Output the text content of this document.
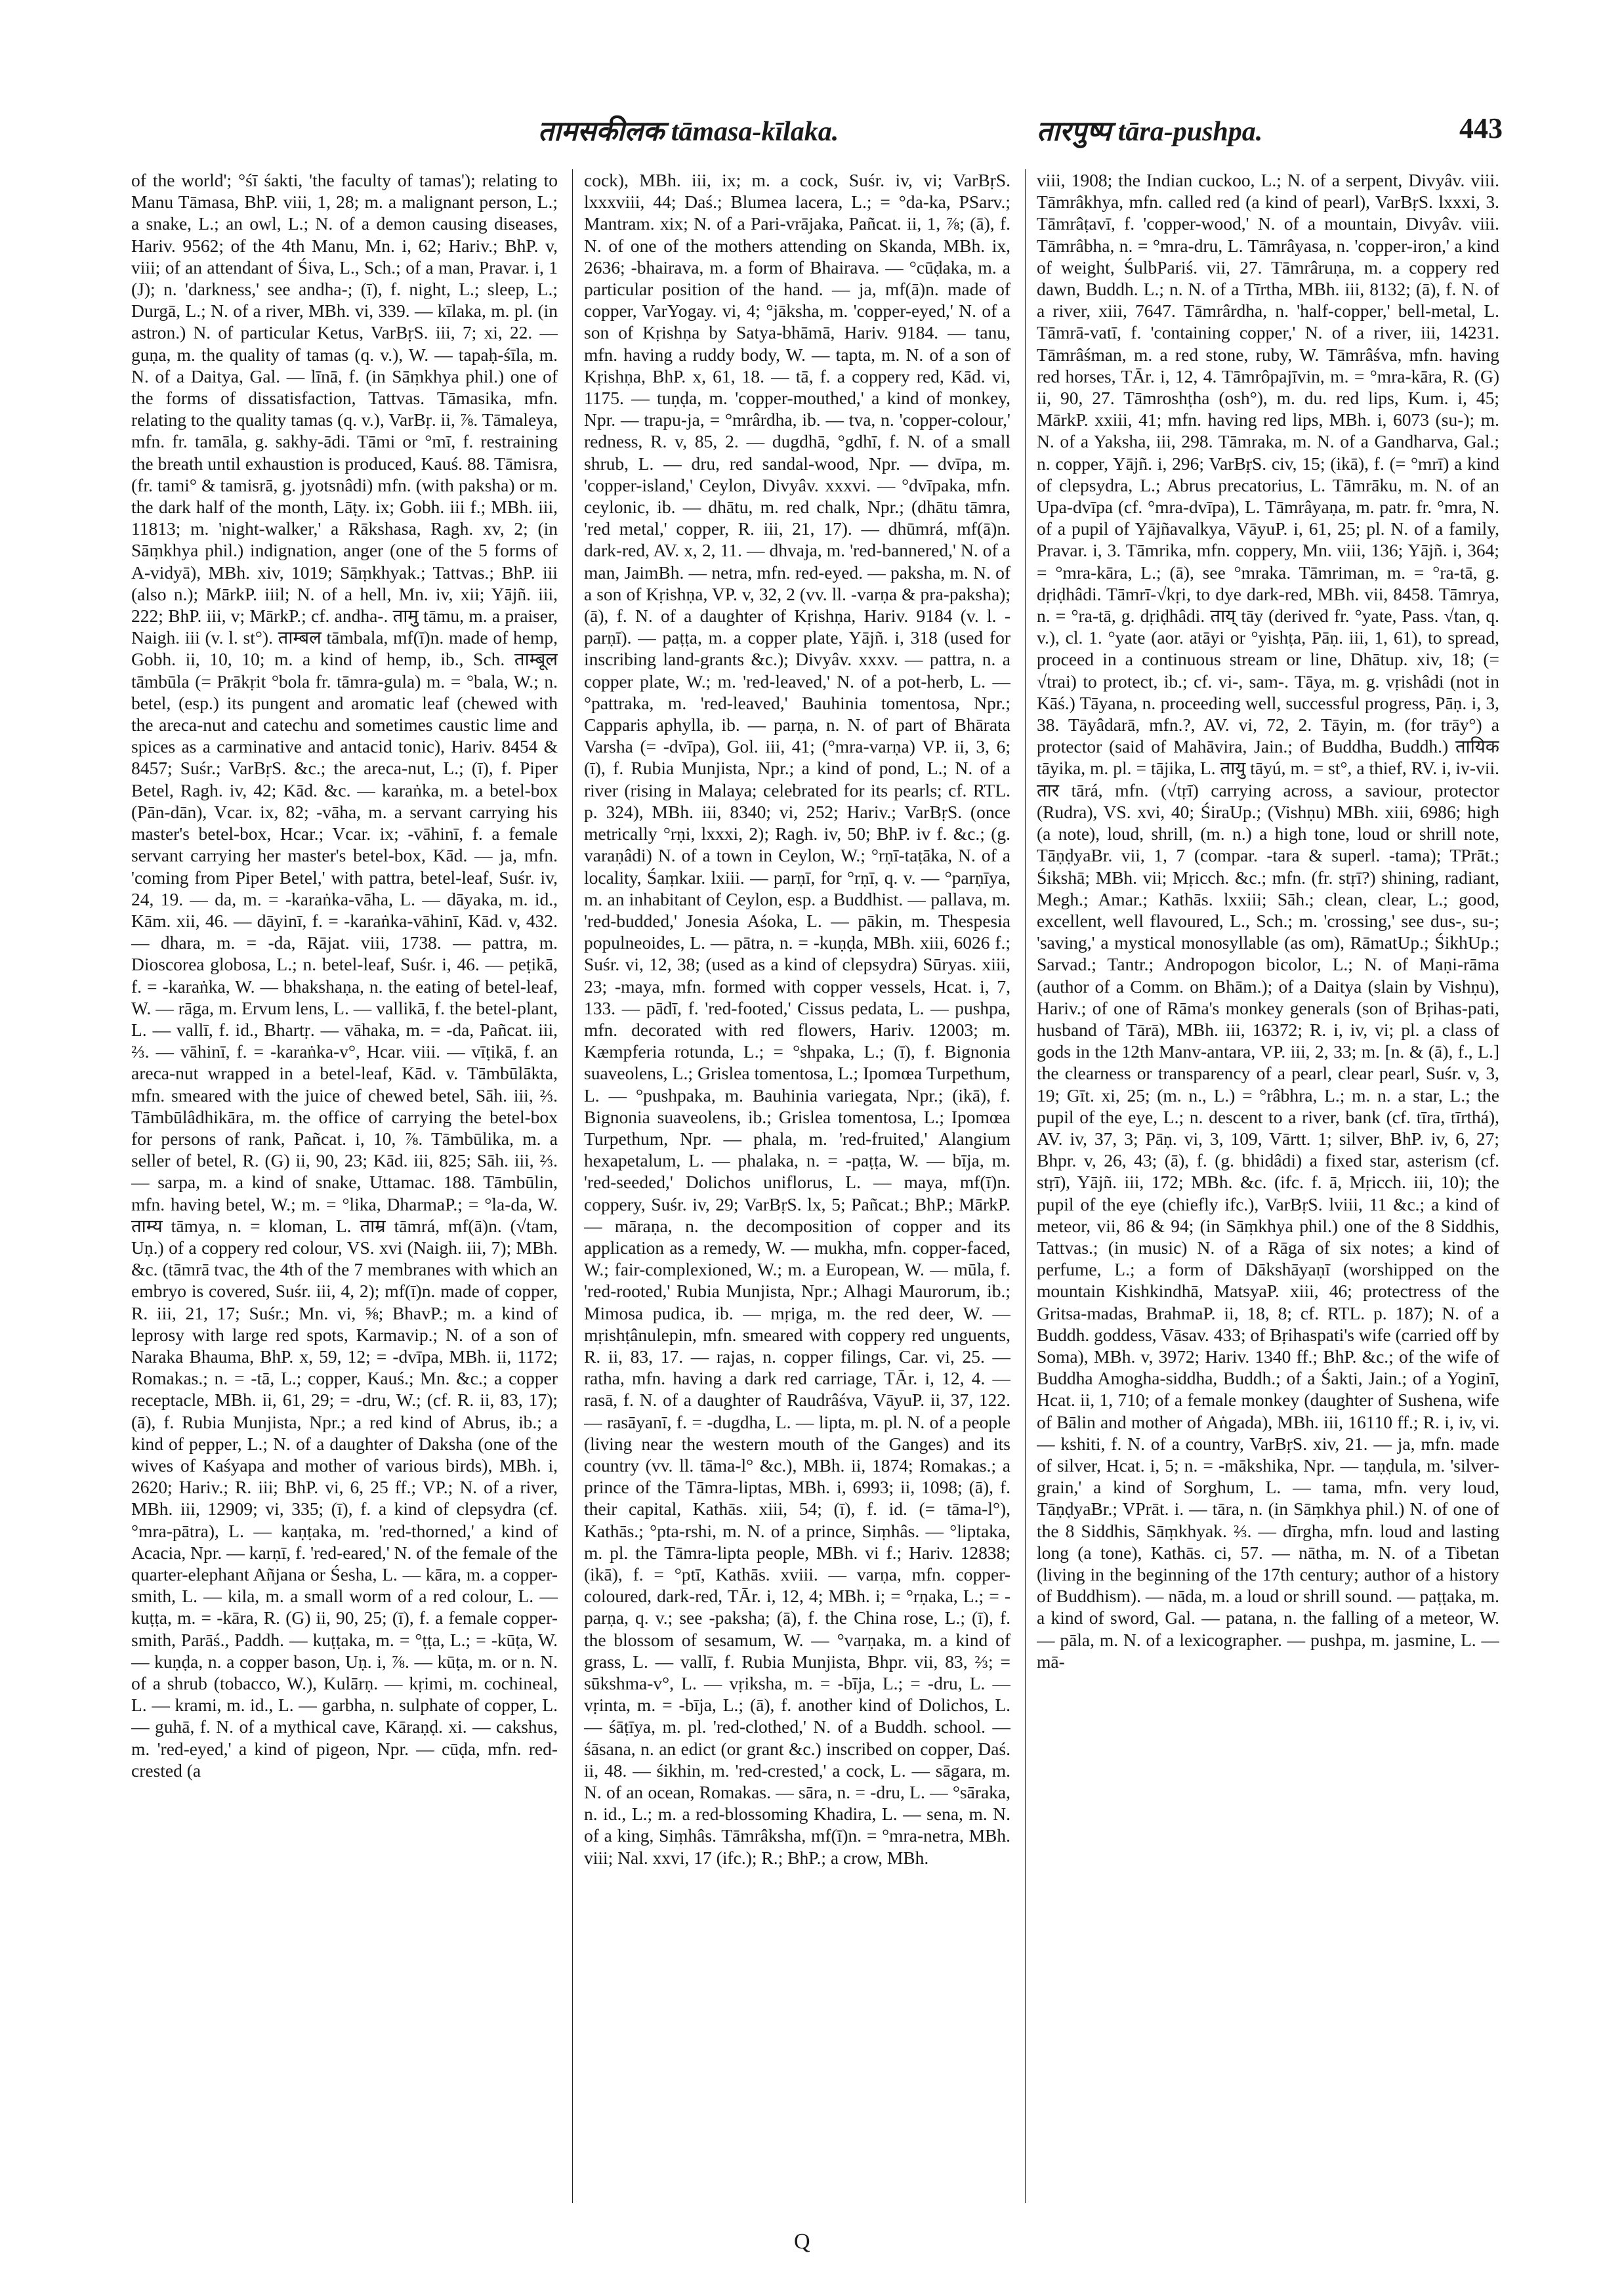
तामसकीलक tāmasa-kīlaka.	तारपुष्प tāra-pushpa.	443

of the world'; °śī śakti, 'the faculty of tamas'); relating to Manu Tāmasa, BhP. viii, 1, 28; m. a malignant person, L.; a snake, L.; an owl, L.; N. of a demon causing diseases, Hariv. 9562; of the 4th Manu, Mn. i, 62; Hariv.; BhP. v, viii; of an attendant of Śiva, L., Sch.; of a man, Pravar. i, 1 (J); n. 'darkness,' see andha-; (ī), f. night, L.; sleep, L.; Durgā, L.; N. of a river, MBh. vi, 339. — kīlaka, m. pl. (in astron.) N. of particular Ketus, VarBṛS. iii, 7; xi, 22. — guṇa, m. the quality of tamas (q. v.), W. — tapaḥ-śīla, m. N. of a Daitya, Gal. — līnā, f. (in Sāṃkhya phil.) one of the forms of dissatisfaction, Tattvas. Tāmasika, mfn. relating to the quality tamas (q. v.), VarBṛ. ii, ⅞. Tāmaleya, mfn. fr. tamāla, g. sakhy-ādi. Tāmi or °mī, f. restraining the breath until exhaustion is produced, Kauś. 88. Tāmisra, (fr. tami° & tamisrā, g. jyotsnâdi) mfn. (with paksha) or m. the dark half of the month, Lāṭy. ix; Gobh. iii f.; MBh. iii, 11813; m. 'night-walker,' a Rākshasa, Ragh. xv, 2; (in Sāṃkhya phil.) indignation, anger (one of the 5 forms of A-vidyā), MBh. xiv, 1019; Sāṃkhyak.; Tattvas.; BhP. iii (also n.); MārkP. iiil; N. of a hell, Mn. iv, xii; Yājñ. iii, 222; BhP. iii, v; MārkP.; cf. andha-. तामु tāmu, m. a praiser, Naigh. iii (v. l. st°). ताम्बल tāmbala, mf(ī)n. made of hemp, Gobh. ii, 10, 10; m. a kind of hemp, ib., Sch. ताम्बूल tāmbūla (= Prākṛit °bola fr. tāmra-gula) m. = °bala, W.; n. betel, (esp.) its pungent and aromatic leaf (chewed with the areca-nut and catechu and sometimes caustic lime and spices as a carminative and antacid tonic), Hariv. 8454 & 8457; Suśr.; VarBṛS. &c.; the areca-nut, L.; (ī), f. Piper Betel, Ragh. iv, 42; Kād. &c. — karaṅka, m. a betel-box (Pān-dān), Vcar. ix, 82; -vāha, m. a servant carrying his master's betel-box, Hcar.; Vcar. ix; -vāhinī, f. a female servant carrying her master's betel-box, Kād. — ja, mfn. 'coming from Piper Betel,' with pattra, betel-leaf, Suśr. iv, 24, 19. — da, m. = -karaṅka-vāha, L. — dāyaka, m. id., Kām. xii, 46. — dāyinī, f. = -karaṅka-vāhinī, Kād. v, 432. — dhara, m. = -da, Rājat. viii, 1738. — pattra, m. Dioscorea globosa, L.; n. betel-leaf, Suśr. i, 46. — peṭikā, f. = -karaṅka, W. — bhakshaṇa, n. the eating of betel-leaf, W. — rāga, m. Ervum lens, L. — vallikā, f. the betel-plant, L. — vallī, f. id., Bhartṛ. — vāhaka, m. = -da, Pañcat. iii, ⅔. — vāhinī, f. = -karaṅka-v°, Hcar. viii. — vīṭikā, f. an areca-nut wrapped in a betel-leaf, Kād. v. Tāmbūlākta, mfn. smeared with the juice of chewed betel, Sāh. iii, ⅔. Tāmbūlâdhikāra, m. the office of carrying the betel-box for persons of rank, Pañcat. i, 10, ⅞. Tāmbūlika, m. a seller of betel, R. (G) ii, 90, 23; Kād. iii, 825; Sāh. iii, ⅔. — sarpa, m. a kind of snake, Uttamac. 188. Tāmbūlin, mfn. having betel, W.; m. = °lika, DharmaP.; = °la-da, W. ताम्य tāmya, n. = kloman, L. ताम्र tāmrá, mf(ā)n. (√tam, Uṇ.) of a coppery red colour, VS. xvi (Naigh. iii, 7); MBh. &c. (tāmrā tvac, the 4th of the 7 membranes with which an embryo is covered, Suśr. iii, 4, 2); mf(ī)n. made of copper, R. iii, 21, 17; Suśr.; Mn. vi, ⅝; BhavP.; m. a kind of leprosy with large red spots, Karmavip.; N. of a son of Naraka Bhauma, BhP. x, 59, 12; = -dvīpa, MBh. ii, 1172; Romakas.; n. = -tā, L.; copper, Kauś.; Mn. &c.; a copper receptacle, MBh. ii, 61, 29; = -dru, W.; (cf. R. ii, 83, 17); (ā), f. Rubia Munjista, Npr.; a red kind of Abrus, ib.; a kind of pepper, L.; N. of a daughter of Daksha (one of the wives of Kaśyapa and mother of various birds), MBh. i, 2620; Hariv.; R. iii; BhP. vi, 6, 25 ff.; VP.; N. of a river, MBh. iii, 12909; vi, 335; (ī), f. a kind of clepsydra (cf. °mra-pātra), L. — kaṇṭaka, m. 'red-thorned,' a kind of Acacia, Npr. — karṇī, f. 'red-eared,' N. of the female of the quarter-elephant Añjana or Śesha, L. — kāra, m. a copper-smith, L. — kila, m. a small worm of a red colour, L. — kuṭṭa, m. = -kāra, R. (G) ii, 90, 25; (ī), f. a female copper-smith, Parāś., Paddh. — kuṭṭaka, m. = °ṭṭa, L.; = -kūṭa, W. — kuṇḍa, n. a copper bason, Uṇ. i, ⅞. — kūṭa, m. or n. N. of a shrub (tobacco, W.), Kulārṇ. — kṛimi, m. cochineal, L. — krami, m. id., L. — garbha, n. sulphate of copper, L. — guhā, f. N. of a mythical cave, Kāraṇḍ. xi. — cakshus, m. 'red-eyed,' a kind of pigeon, Npr. — cūḍa, mfn. red-crested (a

cock), MBh. iii, ix; m. a cock, Suśr. iv, vi; VarBṛS. lxxxviii, 44; Daś.; Blumea lacera, L.; = °da-ka, PSarv.; Mantram. xix; N. of a Pari-vrājaka, Pañcat. ii, 1, ⅞; (ā), f. N. of one of the mothers attending on Skanda, MBh. ix, 2636; -bhairava, m. a form of Bhairava. — °cūḍaka, m. a particular position of the hand. — ja, mf(ā)n. made of copper, VarYogay. vi, 4; °jāksha, m. 'copper-eyed,' N. of a son of Kṛishṇa by Satya-bhāmā, Hariv. 9184. — tanu, mfn. having a ruddy body, W. — tapta, m. N. of a son of Kṛishṇa, BhP. x, 61, 18. — tā, f. a coppery red, Kād. vi, 1175. — tuṇḍa, m. 'copper-mouthed,' a kind of monkey, Npr. — trapu-ja, = °mrârdha, ib. — tva, n. 'copper-colour,' redness, R. v, 85, 2. — dugdhā, °gdhī, f. N. of a small shrub, L. — dru, red sandal-wood, Npr. — dvīpa, m. 'copper-island,' Ceylon, Divyâv. xxxvi. — °dvīpaka, mfn. ceylonic, ib. — dhātu, m. red chalk, Npr.; (dhātu tāmra, 'red metal,' copper, R. iii, 21, 17). — dhūmrá, mf(ā)n. dark-red, AV. x, 2, 11. — dhvaja, m. 'red-bannered,' N. of a man, JaimBh. — netra, mfn. red-eyed. — paksha, m. N. of a son of Kṛishṇa, VP. v, 32, 2 (vv. ll. -varṇa & pra-paksha); (ā), f. N. of a daughter of Kṛishṇa, Hariv. 9184 (v. l. -parṇī). — paṭṭa, m. a copper plate, Yājñ. i, 318 (used for inscribing land-grants &c.); Divyâv. xxxv. — pattra, n. a copper plate, W.; m. 'red-leaved,' N. of a pot-herb, L. — °pattraka, m. 'red-leaved,' Bauhinia tomentosa, Npr.; Capparis aphylla, ib. — parṇa, n. N. of part of Bhārata Varsha (= -dvīpa), Gol. iii, 41; (°mra-varṇa) VP. ii, 3, 6; (ī), f. Rubia Munjista, Npr.; a kind of pond, L.; N. of a river (rising in Malaya; celebrated for its pearls; cf. RTL. p. 324), MBh. iii, 8340; vi, 252; Hariv.; VarBṛS. (once metrically °rṇi, lxxxi, 2); Ragh. iv, 50; BhP. iv f. &c.; (g. varaṇâdi) N. of a town in Ceylon, W.; °rṇī-taṭāka, N. of a locality, Śaṃkar. lxiii. — parṇī, for °rṇī, q. v. — °parṇīya, m. an inhabitant of Ceylon, esp. a Buddhist. — pallava, m. 'red-budded,' Jonesia Aśoka, L. — pākin, m. Thespesia populneoides, L. — pātra, n. = -kuṇḍa, MBh. xiii, 6026 f.; Suśr. vi, 12, 38; (used as a kind of clepsydra) Sūryas. xiii, 23; -maya, mfn. formed with copper vessels, Hcat. i, 7, 133. — pādī, f. 'red-footed,' Cissus pedata, L. — pushpa, mfn. decorated with red flowers, Hariv. 12003; m. Kæmpferia rotunda, L.; = °shpaka, L.; (ī), f. Bignonia suaveolens, L.; Grislea tomentosa, L.; Ipomœa Turpethum, L. — °pushpaka, m. Bauhinia variegata, Npr.; (ikā), f. Bignonia suaveolens, ib.; Grislea tomentosa, L.; Ipomœa Turpethum, Npr. — phala, m. 'red-fruited,' Alangium hexapetalum, L. — phalaka, n. = -paṭṭa, W. — bīja, m. 'red-seeded,' Dolichos uniflorus, L. — maya, mf(ī)n. coppery, Suśr. iv, 29; VarBṛS. lx, 5; Pañcat.; BhP.; MārkP. — māraṇa, n. the decomposition of copper and its application as a remedy, W. — mukha, mfn. copper-faced, W.; fair-complexioned, W.; m. a European, W. — mūla, f. 'red-rooted,' Rubia Munjista, Npr.; Alhagi Maurorum, ib.; Mimosa pudica, ib. — mṛiga, m. the red deer, W. — mṛishṭânulepin, mfn. smeared with coppery red unguents, R. ii, 83, 17. — rajas, n. copper filings, Car. vi, 25. — ratha, mfn. having a dark red carriage, TĀr. i, 12, 4. — rasā, f. N. of a daughter of Raudrâśva, VāyuP. ii, 37, 122. — rasāyanī, f. = -dugdha, L. — lipta, m. pl. N. of a people (living near the western mouth of the Ganges) and its country (vv. ll. tāma-l° &c.), MBh. ii, 1874; Romakas.; a prince of the Tāmra-liptas, MBh. i, 6993; ii, 1098; (ā), f. their capital, Kathās. xiii, 54; (ī), f. id. (= tāma-l°), Kathās.; °pta-rshi, m. N. of a prince, Siṃhâs. — °liptaka, m. pl. the Tāmra-lipta people, MBh. vi f.; Hariv. 12838; (ikā), f. = °ptī, Kathās. xviii. — varṇa, mfn. copper-coloured, dark-red, TĀr. i, 12, 4; MBh. i; = °rṇaka, L.; = -parṇa, q. v.; see -paksha; (ā), f. the China rose, L.; (ī), f. the blossom of sesamum, W. — °varṇaka, m. a kind of grass, L. — vallī, f. Rubia Munjista, Bhpr. vii, 83, ⅔; = sūkshma-v°, L. — vṛiksha, m. = -bīja, L.; = -dru, L. — vṛinta, m. = -bīja, L.; (ā), f. another kind of Dolichos, L. — śāṭīya, m. pl. 'red-clothed,' N. of a Buddh. school. — śāsana, n. an edict (or grant &c.) inscribed on copper, Daś. ii, 48. — śikhin, m. 'red-crested,' a cock, L. — sāgara, m. N. of an ocean, Romakas. — sāra, n. = -dru, L. — °sāraka, n. id., L.; m. a red-blossoming Khadira, L. — sena, m. N. of a king, Siṃhâs. Tāmrâksha, mf(ī)n. = °mra-netra, MBh. viii; Nal. xxvi, 17 (ifc.); R.; BhP.; a crow, MBh.

viii, 1908; the Indian cuckoo, L.; N. of a serpent, Divyâv. viii. Tāmrâkhya, mfn. called red (a kind of pearl), VarBṛS. lxxxi, 3. Tāmrâṭavī, f. 'copper-wood,' N. of a mountain, Divyâv. viii. Tāmrâbha, n. = °mra-dru, L. Tāmrâyasa, n. 'copper-iron,' a kind of weight, ŚulbPariś. vii, 27. Tāmrâruṇa, m. a coppery red dawn, Buddh. L.; n. N. of a Tīrtha, MBh. iii, 8132; (ā), f. N. of a river, xiii, 7647. Tāmrârdha, n. 'half-copper,' bell-metal, L. Tāmrā-vatī, f. 'containing copper,' N. of a river, iii, 14231. Tāmrâśman, m. a red stone, ruby, W. Tāmrâśva, mfn. having red horses, TĀr. i, 12, 4. Tāmrôpajīvin, m. = °mra-kāra, R. (G) ii, 90, 27. Tāmroshṭha (osh°), m. du. red lips, Kum. i, 45; MārkP. xxiii, 41; mfn. having red lips, MBh. i, 6073 (su-); m. N. of a Yaksha, iii, 298. Tāmraka, m. N. of a Gandharva, Gal.; n. copper, Yājñ. i, 296; VarBṛS. civ, 15; (ikā), f. (= °mrī) a kind of clepsydra, L.; Abrus precatorius, L. Tāmrāku, m. N. of an Upa-dvīpa (cf. °mra-dvīpa), L. Tāmrâyaṇa, m. patr. fr. °mra, N. of a pupil of Yājñavalkya, VāyuP. i, 61, 25; pl. N. of a family, Pravar. i, 3. Tāmrika, mfn. coppery, Mn. viii, 136; Yājñ. i, 364; = °mra-kāra, L.; (ā), see °mraka. Tāmriman, m. = °ra-tā, g. dṛiḍhâdi. Tāmrī-√kṛi, to dye dark-red, MBh. vii, 8458. Tāmrya, n. = °ra-tā, g. dṛiḍhâdi. ताय् tāy (derived fr. °yate, Pass. √tan, q. v.), cl. 1. °yate (aor. atāyi or °yishṭa, Pāṇ. iii, 1, 61), to spread, proceed in a continuous stream or line, Dhātup. xiv, 18; (= √trai) to protect, ib.; cf. vi-, sam-. Tāya, m. g. vṛishâdi (not in Kāś.) Tāyana, n. proceeding well, successful progress, Pāṇ. i, 3, 38. Tāyâdarā, mfn.?, AV. vi, 72, 2. Tāyin, m. (for trāy°) a protector (said of Mahāvira, Jain.; of Buddha, Buddh.) तायिक tāyika, m. pl. = tājika, L. तायु tāyú, m. = st°, a thief, RV. i, iv-vii. तार tārá, mfn. (√tṛī) carrying across, a saviour, protector (Rudra), VS. xvi, 40; ŚiraUp.; (Vishṇu) MBh. xiii, 6986; high (a note), loud, shrill, (m. n.) a high tone, loud or shrill note, TāṇḍyaBr. vii, 1, 7 (compar. -tara & superl. -tama); TPrāt.; Śikshā; MBh. vii; Mṛicch. &c.; mfn. (fr. stṛī?) shining, radiant, Megh.; Amar.; Kathās. lxxiii; Sāh.; clean, clear, L.; good, excellent, well flavoured, L., Sch.; m. 'crossing,' see dus-, su-; 'saving,' a mystical monosyllable (as om), RāmatUp.; ŚikhUp.; Sarvad.; Tantr.; Andropogon bicolor, L.; N. of Maṇi-rāma (author of a Comm. on Bhām.); of a Daitya (slain by Vishṇu), Hariv.; of one of Rāma's monkey generals (son of Bṛihas-pati, husband of Tārā), MBh. iii, 16372; R. i, iv, vi; pl. a class of gods in the 12th Manv-antara, VP. iii, 2, 33; m. [n. & (ā), f., L.] the clearness or transparency of a pearl, clear pearl, Suśr. v, 3, 19; Gīt. xi, 25; (m. n., L.) = °râbhra, L.; m. n. a star, L.; the pupil of the eye, L.; n. descent to a river, bank (cf. tīra, tīrthá), AV. iv, 37, 3; Pāṇ. vi, 3, 109, Vārtt. 1; silver, BhP. iv, 6, 27; Bhpr. v, 26, 43; (ā), f. (g. bhidâdi) a fixed star, asterism (cf. stṛī), Yājñ. iii, 172; MBh. &c. (ifc. f. ā, Mṛicch. iii, 10); the pupil of the eye (chiefly ifc.), VarBṛS. lviii, 11 &c.; a kind of meteor, vii, 86 & 94; (in Sāṃkhya phil.) one of the 8 Siddhis, Tattvas.; (in music) N. of a Rāga of six notes; a kind of perfume, L.; a form of Dākshāyaṇī (worshipped on the mountain Kishkindhā, MatsyaP. xiii, 46; protectress of the Gritsa-madas, BrahmaP. ii, 18, 8; cf. RTL. p. 187); N. of a Buddh. goddess, Vāsav. 433; of Bṛihaspati's wife (carried off by Soma), MBh. v, 3972; Hariv. 1340 ff.; BhP. &c.; of the wife of Buddha Amogha-siddha, Buddh.; of a Śakti, Jain.; of a Yoginī, Hcat. ii, 1, 710; of a female monkey (daughter of Sushena, wife of Bālin and mother of Aṅgada), MBh. iii, 16110 ff.; R. i, iv, vi. — kshiti, f. N. of a country, VarBṛS. xiv, 21. — ja, mfn. made of silver, Hcat. i, 5; n. = -mākshika, Npr. — taṇḍula, m. 'silver-grain,' a kind of Sorghum, L. — tama, mfn. very loud, TāṇḍyaBr.; VPrāt. i. — tāra, n. (in Sāṃkhya phil.) N. of one of the 8 Siddhis, Sāṃkhyak. ⅔. — dīrgha, mfn. loud and lasting long (a tone), Kathās. ci, 57. — nātha, m. N. of a Tibetan (living in the beginning of the 17th century; author of a history of Buddhism). — nāda, m. a loud or shrill sound. — paṭṭaka, m. a kind of sword, Gal. — patana, n. the falling of a meteor, W. — pāla, m. N. of a lexicographer. — pushpa, m. jasmine, L. — mā-

Q
